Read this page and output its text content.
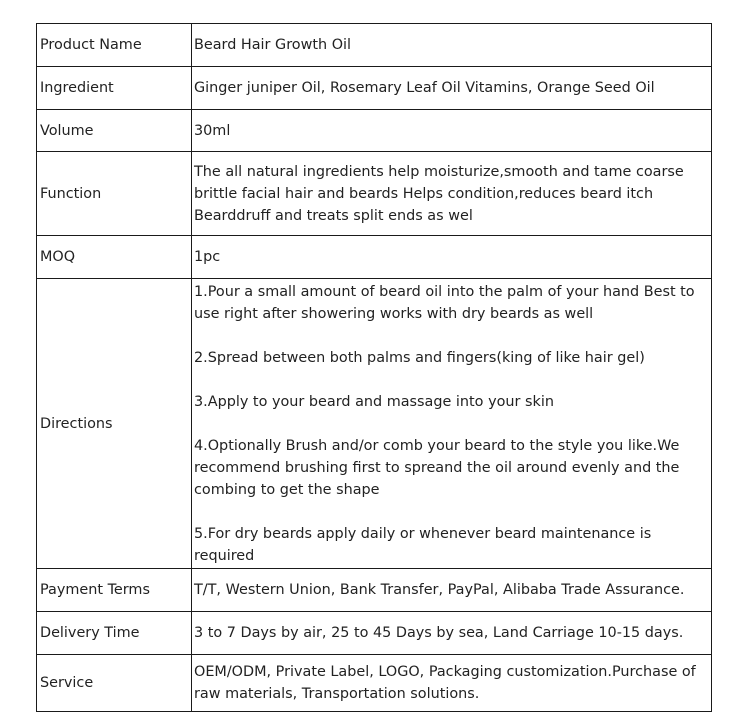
Product Name	Beard Hair Growth Oil
Ingredient	Ginger juniper Oil, Rosemary Leaf Oil Vitamins, Orange Seed Oil
Volume	30ml
Function	The all natural ingredients help moisturize,smooth and tame coarse brittle facial hair and beards Helps condition,reduces beard itch Bearddruff and treats split ends as wel
MOQ	1pc
Directions	1.Pour a small amount of beard oil into the palm of your hand Best to use right after showering works with dry beards as well

2.Spread between both palms and fingers(king of like hair gel)

3.Apply to your beard and massage into your skin

4.Optionally Brush and/or comb your beard to the style you like.We recommend brushing first to spreand the oil around evenly and the combing to get the shape

5.For dry beards apply daily or whenever beard maintenance is required

Payment Terms	T/T, Western Union, Bank Transfer, PayPal, Alibaba Trade Assurance.
Delivery Time	3 to 7 Days by air, 25 to 45 Days by sea, Land Carriage 10-15 days.
Service	OEM/ODM, Private Label, LOGO, Packaging customization.Purchase of raw materials, Transportation solutions.
